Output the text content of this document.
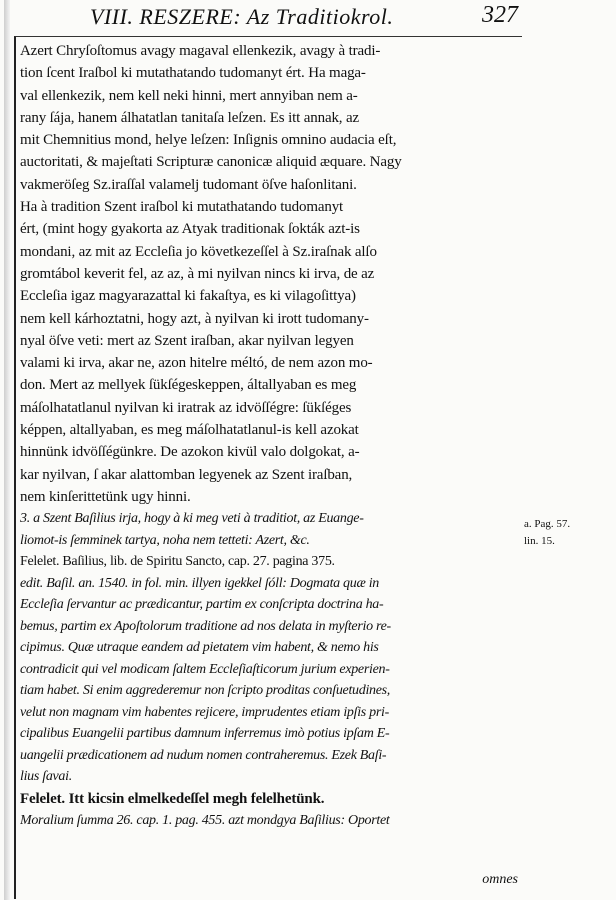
VIII. RESZERE: Az Traditiokrol.	327
Azert Chryſoſtomus avagy magaval ellenkezik, avagy à tradi-
tion ſcent Iraſbol ki mutathatando tudomanyt ért. Ha maga-
val ellenkezik, nem kell neki hinni, mert annyiban nem a-
rany ſája, hanem álhatatlan tanitaſa leſzen. Es itt annak, az
mit Chemnitius mond, helye leſzen: Inſignis omnino audacia eſt,
auctoritati, & majeſtati Scripturæ canonicæ aliquid æquare. Nagy
vakmeröſeg Sz.iraſſal valamelj tudomant öſve haſonlitani.
Ha à tradition Szent iraſbol ki mutathatando tudomanyt
ért, (mint hogy gyakorta az Atyak traditionak ſokták azt-is
mondani, az mit az Eccleſia jo következeſſel à Sz.iraſnak alſo
gromtábol keverit fel, az az, à mi nyilvan nincs ki irva, de az
Eccleſia igaz magyarazattal ki fakaſtya, es ki vilagoſittya)
nem kell kárhoztatni, hogy azt, à nyilvan ki irott tudomany-
nyal öſve veti: mert az Szent iraſban, akar nyilvan legyen
valami ki irva, akar ne, azon hitelre méltó, de nem azon mo-
don. Mert az mellyek ſükſégeskeppen, általlyaban es meg
máſolhatatlanul nyilvan ki iratrak az idvöſſégre: ſükſéges
képpen, altallyaban, es meg máſolhatatlanul-is kell azokat
hinnünk idvöſſégünkre. De azokon kivül valo dolgokat, a-
kar nyilvan, ſ akar alattomban legyenek az Szent iraſban,
nem kinſerittetünk ugy hinni.
3. a Szent Baſilius irja, hogy à ki meg veti à traditiot, az Euange-
liomot-is ſemminek tartya, noha nem tetteti: Azert, &c.
Felelet. Baſilius, lib. de Spiritu Sancto, cap. 27. pagina 375.
edit. Baſil. an. 1540. in fol. min. illyen igekkel ſóll: Dogmata quæ in
Eccleſia ſervantur ac prædicantur, partim ex conſcripta doctrina ha-
bemus, partim ex Apoſtolorum traditione ad nos delata in myſterio re-
cipimus. Quæ utraque eandem ad pietatem vim habent, & nemo his
contradicit qui vel modicam ſaltem Eccleſiaſticorum jurium experien-
tiam habet. Si enim aggrederemur non ſcripto proditas conſuetudines,
velut non magnam vim habentes rejicere, imprudentes etiam ipſis pri-
cipalibus Euangelii partibus damnum inferremus imò potius ipſam E-
uangelii prædicationem ad nudum nomen contraheremus. Ezek Baſi-
lius ſavai.
Felelet. Itt kicsin elmelkedeſſel megh felelhetünk.
Moralium ſumma 26. cap. 1. pag. 455. azt mondgya Baſilius: Oportet
a. Pag. 57.
lin. 15.
omnes
